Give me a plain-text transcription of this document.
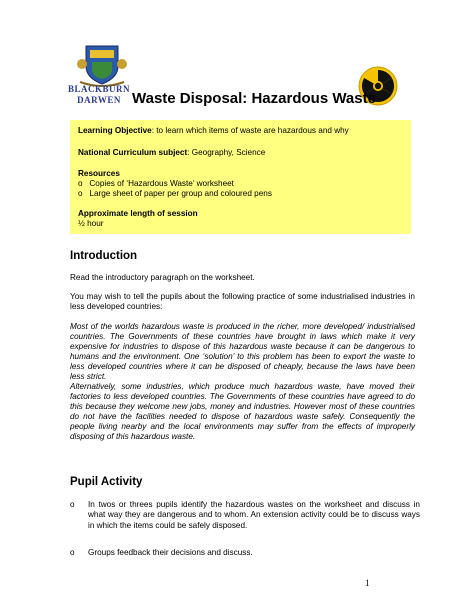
BLACKBURN
DARWEN Waste Disposal: Hazardous Waste

Learning Objective: to learn which items of waste are hazardous and why

National Curriculum subject: Geography, Science

Resources

o Copies of ‘Hazardous Waste’ worksheet

o Large sheet of paper per group and coloured pens

Approximate length of session

½ hour

Introduction

Read the introductory paragraph on the worksheet.

You may wish to tell the pupils about the following practice of some industrialised industries in less developed countries:

Most of the worlds hazardous waste is produced in the richer, more developed/ industrialised countries. The Governments of these countries have brought in laws which make it very expensive for industries to dispose of this hazardous waste because it can be dangerous to humans and the environment. One ‘solution’ to this problem has been to export the waste to less developed countries where it can be disposed of cheaply, because the laws have been less strict.

Alternatively, some industries, which produce much hazardous waste, have moved their factories to less developed countries. The Governments of these countries have agreed to do this because they welcome new jobs, money and industries. However most of these countries do not have the facilities needed to dispose of hazardous waste safely. Consequently the people living nearby and the local environments may suffer from the effects of improperly disposing of this hazardous waste.

Pupil Activity
o In twos or threes pupils identify the hazardous wastes on the worksheet and discuss in what way they are dangerous and to whom. An extension activity could be to discuss ways in which the items could be safely disposed.
o Groups feedback their decisions and discuss.
1
